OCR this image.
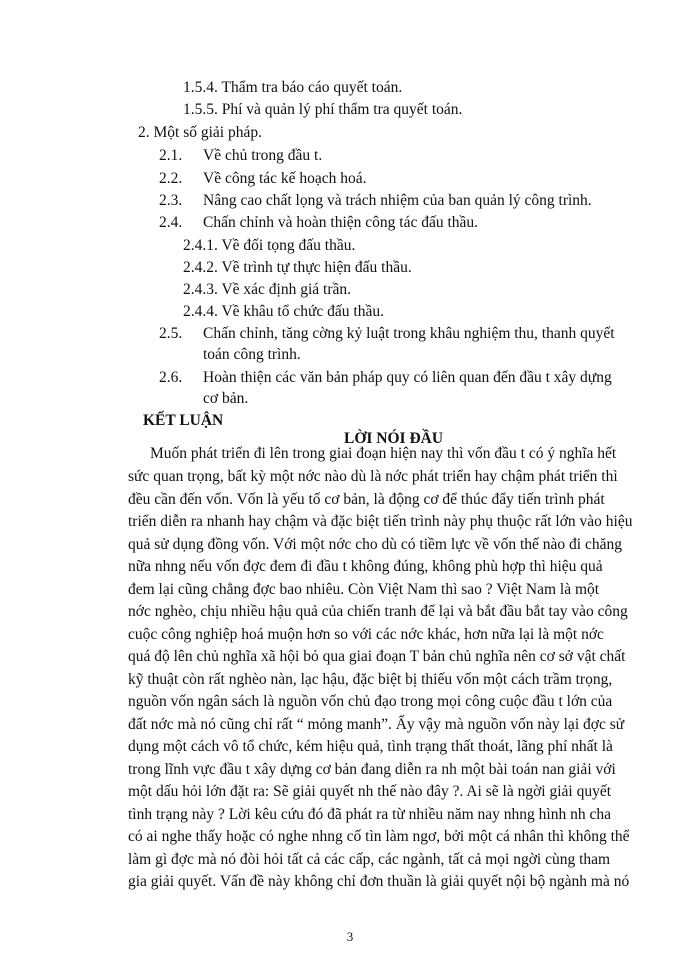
1.5.4. Thẩm tra báo cáo quyết toán.
1.5.5. Phí và quản lý phí thẩm tra quyết toán.
2. Một số giải pháp.
2.1. Về chủ trong đầu t.
2.2. Về công tác kế hoạch hoá.
2.3. Nâng cao chất lọng và trách nhiệm của ban quản lý công trình.
2.4. Chấn chỉnh và hoàn thiện công tác đấu thầu.
2.4.1. Về đối tọng đấu thầu.
2.4.2. Về trình tự thực hiện đấu thầu.
2.4.3. Về xác định giá trần.
2.4.4. Về khâu tổ chức đấu thầu.
2.5. Chấn chỉnh, tăng cờng kỷ luật trong khâu nghiệm thu, thanh quyết
toán công trình.
2.6. Hoàn thiện các văn bản pháp quy có liên quan đến đầu t xây dựng
cơ bản.
KẾT LUẬN
LỜI NÓI ĐẦU
Muốn phát triển đi lên trong giai đoạn hiện nay thì vốn đầu t có ý nghĩa hết
sức quan trọng, bất kỳ một nớc nào dù là nớc phát triển hay chậm phát triển thì
đều cần đến vốn. Vốn là yếu tố cơ bản, là động cơ để thúc đẩy tiến trình phát
triển diễn ra nhanh hay chậm và đặc biệt tiến trình này phụ thuộc rất lớn vào hiệu
quả sử dụng đồng vốn. Với một nớc cho dù có tiềm lực về vốn thế nào đi chăng
nữa nhng nếu vốn đợc đem đi đầu t không đúng, không phù hợp thì hiệu quả
đem lại cũng chẳng đợc bao nhiêu. Còn Việt Nam thì sao ? Việt Nam là một
nớc nghèo, chịu nhiều hậu quả của chiến tranh để lại và bắt đầu bắt tay vào công
cuộc công nghiệp hoá muộn hơn so với các nớc khác, hơn nữa lại là một nớc
quá độ lên chủ nghĩa xã hội bỏ qua giai đoạn T bản chủ nghĩa nên cơ sở vật chất
kỹ thuật còn rất nghèo nàn, lạc hậu, đặc biệt bị thiếu vốn một cách trầm trọng,
nguồn vốn ngân sách là nguồn vốn chủ đạo trong mọi công cuộc đầu t lớn của
đất nớc mà nó cũng chỉ rất “ mỏng manh”. Ấy vậy mà nguồn vốn này lại đợc sử
dụng một cách vô tổ chức, kém hiệu quả, tình trạng thất thoát, lãng phí nhất là
trong lĩnh vực đầu t xây dựng cơ bản đang diễn ra nh một bài toán nan giải với
một dấu hỏi lớn đặt ra: Sẽ giải quyết nh thế nào đây ?. Ai sẽ là ngời giải quyết
tình trạng này ? Lời kêu cứu đó đã phát ra từ nhiều năm nay nhng hình nh cha
có ai nghe thấy hoặc có nghe nhng cố tìn làm ngơ, bởi một cá nhân thì không thể
làm gì đợc mà nó đòi hỏi tất cả các cấp, các ngành, tất cả mọi ngời cùng tham
gia giải quyết. Vấn đề này không chỉ đơn thuần là giải quyết nội bộ ngành mà nó
3
